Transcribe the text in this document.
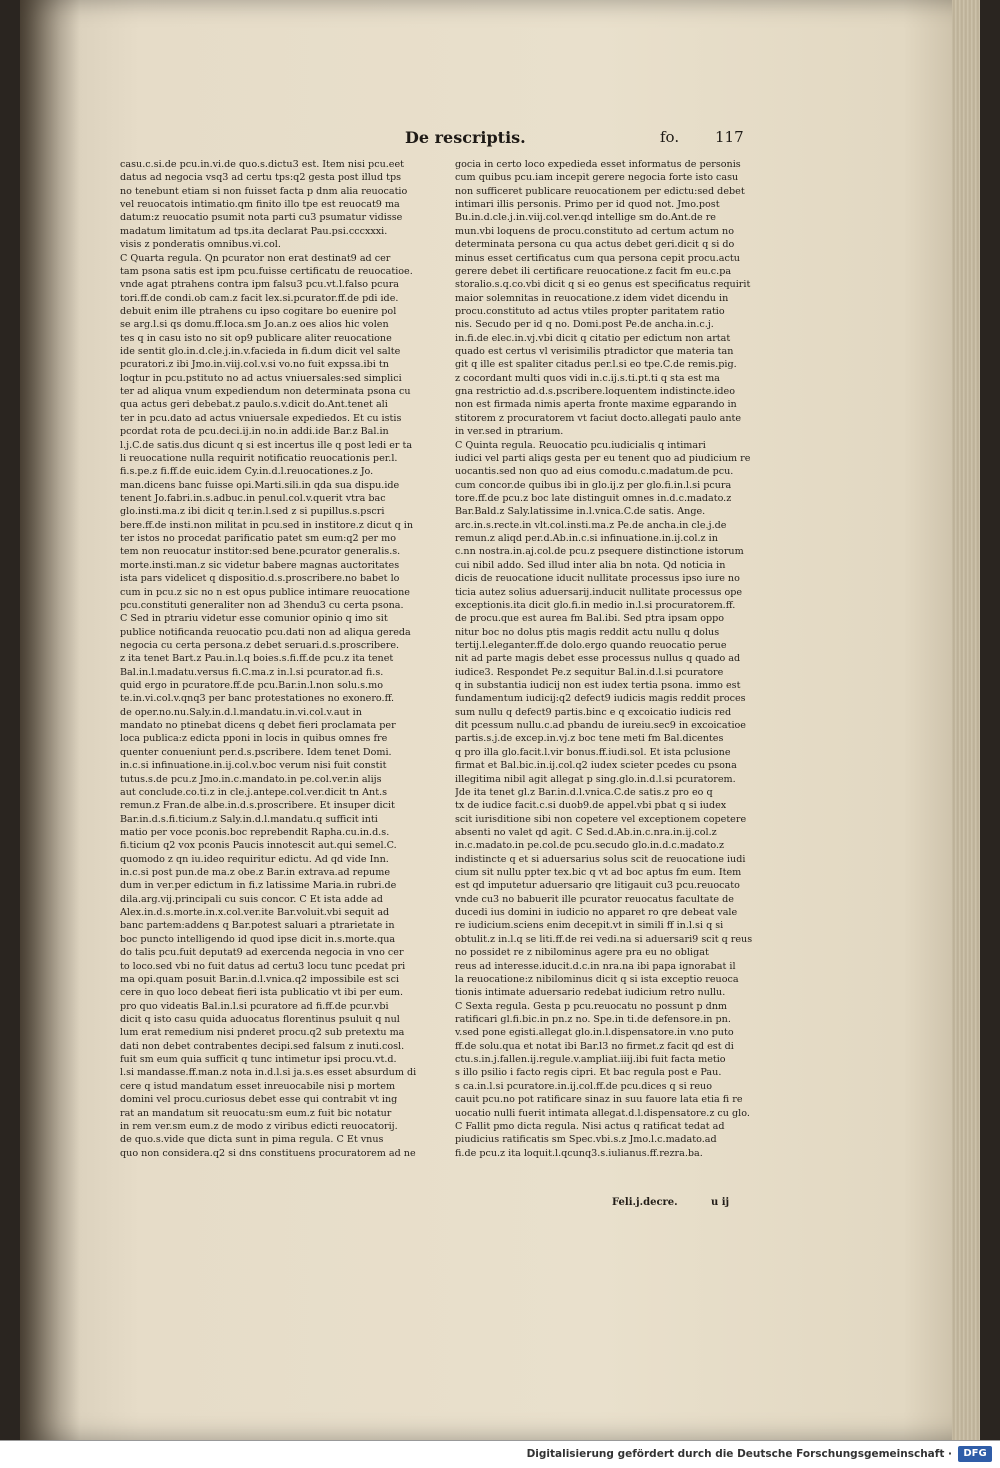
De rescriptis.	fo. 117
casu.c.si.de pcu.in.vi.de quo.s.dictu3 est. Item nisi pcu.eet
datus ad negocia vsq3 ad certu tps:q2 gesta post illud tps
no tenebunt etiam si non fuisset facta p dnm alia reuocatio
vel reuocatois intimatio.qm finito illo tpe est reuocat9 ma
datum:z reuocatio psumit nota parti cu3 psumatur vidisse
madatum limitatum ad tps.ita declarat Pau.psi.cccxxxi.
visis z ponderatis omnibus.vi.col.
C Quarta regula. Qn pcurator non erat destinat9 ad cer
tam psona satis est ipm pcu.fuisse certificatu de reuocatioe.
vnde agat ptrahens contra ipm falsu3 pcu.vt.l.falso pcura
tori.ff.de condi.ob cam.z facit lex.si.pcurator.ff.de pdi ide.
debuit enim ille ptrahens cu ipso cogitare bo euenire pol
se arg.l.si qs domu.ff.loca.sm Jo.an.z oes alios hic volen
tes q in casu isto no sit op9 publicare aliter reuocatione
ide sentit glo.in.d.cle.j.in.v.facieda in fi.dum dicit vel salte
pcuratori.z ibi Jmo.in.viij.col.v.si vo.no fuit expssa.ibi tn
loqtur in pcu.pstituto no ad actus vniuersales:sed simplici
ter ad aliqua vnum expediendum non determinata psona cu
qua actus geri debebat.z paulo.s.v.dicit do.Ant.tenet ali
ter in pcu.dato ad actus vniuersale expediedos. Et cu istis
pcordat rota de pcu.deci.ij.in no.in addi.ide Bar.z Bal.in
l.j.C.de satis.dus dicunt q si est incertus ille q post ledi er ta
li reuocatione nulla requirit notificatio reuocationis per.l.
fi.s.pe.z fi.ff.de euic.idem Cy.in.d.l.reuocationes.z Jo.
man.dicens banc fuisse opi.Marti.sili.in qda sua dispu.ide
tenent Jo.fabri.in.s.adbuc.in penul.col.v.querit vtra bac
glo.insti.ma.z ibi dicit q ter.in.l.sed z si pupillus.s.pscri
bere.ff.de insti.non militat in pcu.sed in institore.z dicut q in
ter istos no procedat parificatio patet sm eum:q2 per mo
tem non reuocatur institor:sed bene.pcurator generalis.s.
morte.insti.man.z sic videtur babere magnas auctoritates
ista pars videlicet q dispositio.d.s.proscribere.no babet lo
cum in pcu.z sic no n est opus publice intimare reuocatione
pcu.constituti generaliter non ad 3hendu3 cu certa psona.
C Sed in ptrariu videtur esse comunior opinio q imo sit
publice notificanda reuocatio pcu.dati non ad aliqua gereda
negocia cu certa persona.z debet seruari.d.s.proscribere.
z ita tenet Bart.z Pau.in.l.q boies.s.fi.ff.de pcu.z ita tenet
Bal.in.l.madatu.versus fi.C.ma.z in.l.si pcurator.ad fi.s.
quid ergo in pcuratore.ff.de pcu.Bar.in.l.non solu.s.mo
te.in.vi.col.v.qnq3 per banc protestationes no exonero.ff.
de oper.no.nu.Saly.in.d.l.mandatu.in.vi.col.v.aut in
mandato no ptinebat dicens q debet fieri proclamata per
loca publica:z edicta pponi in locis in quibus omnes fre
quenter conueniunt per.d.s.pscribere. Idem tenet Domi.
in.c.si infinuatione.in.ij.col.v.boc verum nisi fuit constit
tutus.s.de pcu.z Jmo.in.c.mandato.in pe.col.ver.in alijs
aut conclude.co.ti.z in cle.j.antepe.col.ver.dicit tn Ant.s
remun.z Fran.de albe.in.d.s.proscribere. Et insuper dicit
Bar.in.d.s.fi.ticium.z Saly.in.d.l.mandatu.q sufficit inti
matio per voce pconis.boc reprebendit Rapha.cu.in.d.s.
fi.ticium q2 vox pconis Paucis innotescit aut.qui semel.C.
quomodo z qn iu.ideo requiritur edictu. Ad qd vide Inn.
in.c.si post pun.de ma.z obe.z Bar.in extrava.ad repume
dum in ver.per edictum in fi.z latissime Maria.in rubri.de
dila.arg.vij.principali cu suis concor. C Et ista adde ad
Alex.in.d.s.morte.in.x.col.ver.ite Bar.voluit.vbi sequit ad
banc partem:addens q Bar.potest saluari a ptrarietate in
boc puncto intelligendo id quod ipse dicit in.s.morte.qua
do talis pcu.fuit deputat9 ad exercenda negocia in vno cer
to loco.sed vbi no fuit datus ad certu3 locu tunc pcedat pri
ma opi.quam posuit Bar.in.d.l.vnica.q2 impossibile est sci
cere in quo loco debeat fieri ista publicatio vt ibi per eum.
pro quo videatis Bal.in.l.si pcuratore ad fi.ff.de pcur.vbi
dicit q isto casu quida aduocatus florentinus psuluit q nul
lum erat remedium nisi pnderet procu.q2 sub pretextu ma
dati non debet contrabentes decipi.sed falsum z inuti.cosl.
fuit sm eum quia sufficit q tunc intimetur ipsi procu.vt.d.
l.si mandasse.ff.man.z nota in.d.l.si ja.s.es esset absurdum di
cere q istud mandatum esset inreuocabile nisi p mortem
domini vel procu.curiosus debet esse qui contrabit vt ing
rat an mandatum sit reuocatu:sm eum.z fuit bic notatur
in rem ver.sm eum.z de modo z viribus edicti reuocatorij.
de quo.s.vide que dicta sunt in pima regula. C Et vnus
quo non considera.q2 si dns constituens procuratorem ad ne
gocia in certo loco expedieda esset informatus de personis
cum quibus pcu.iam incepit gerere negocia forte isto casu
non sufficeret publicare reuocationem per edictu:sed debet
intimari illis personis. Primo per id quod not. Jmo.post
Bu.in.d.cle.j.in.viij.col.ver.qd intellige sm do.Ant.de re
mun.vbi loquens de procu.constituto ad certum actum no
determinata persona cu qua actus debet geri.dicit q si do
minus esset certificatus cum qua persona cepit procu.actu
gerere debet ili certificare reuocatione.z facit fm eu.c.pa
storalio.s.q.co.vbi dicit q si eo genus est specificatus requirit
maior solemnitas in reuocatione.z idem videt dicendu in
procu.constituto ad actus vtiles propter paritatem ratio
nis. Secudo per id q no. Domi.post Pe.de ancha.in.c.j.
in.fi.de elec.in.vj.vbi dicit q citatio per edictum non artat
quado est certus vl verisimilis ptradictor que materia tan
git q ille est spaliter citadus per.l.si eo tpe.C.de remis.pig.
z cocordant multi quos vidi in.c.ij.s.ti.pt.ti q sta est ma
gna restrictio ad.d.s.pscribere.loquentem indistincte.ideo
non est firmada nimis aperta fronte maxime egparando in
stitorem z procuratorem vt faciut docto.allegati paulo ante
in ver.sed in ptrarium.
C Quinta regula. Reuocatio pcu.iudicialis q intimari
iudici vel parti aliqs gesta per eu tenent quo ad piudicium re
uocantis.sed non quo ad eius comodu.c.madatum.de pcu.
cum concor.de quibus ibi in glo.ij.z per glo.fi.in.l.si pcura
tore.ff.de pcu.z boc late distinguit omnes in.d.c.madato.z
Bar.Bald.z Saly.latissime in.l.vnica.C.de satis. Ange.
arc.in.s.recte.in vlt.col.insti.ma.z Pe.de ancha.in cle.j.de
remun.z aliqd per.d.Ab.in.c.si infinuatione.in.ij.col.z in
c.nn nostra.in.aj.col.de pcu.z psequere distinctione istorum
cui nibil addo. Sed illud inter alia bn nota. Qd noticia in
dicis de reuocatione iducit nullitate processus ipso iure no
ticia autez solius aduersarij.inducit nullitate processus ope
exceptionis.ita dicit glo.fi.in medio in.l.si procuratorem.ff.
de procu.que est aurea fm Bal.ibi. Sed ptra ipsam oppo
nitur boc no dolus ptis magis reddit actu nullu q dolus
tertij.l.eleganter.ff.de dolo.ergo quando reuocatio perue
nit ad parte magis debet esse processus nullus q quado ad
iudice3. Respondet Pe.z sequitur Bal.in.d.l.si pcuratore
q in substantia iudicij non est iudex tertia psona. immo est
fundamentum iudicij:q2 defect9 iudicis magis reddit proces
sum nullu q defect9 partis.binc e q excoicatio iudicis red
dit pcessum nullu.c.ad pbandu de iureiu.sec9 in excoicatioe
partis.s.j.de excep.in.vj.z boc tene meti fm Bal.dicentes
q pro illa glo.facit.l.vir bonus.ff.iudi.sol. Et ista pclusione
firmat et Bal.bic.in.ij.col.q2 iudex scieter pcedes cu psona
illegitima nibil agit allegat p sing.glo.in.d.l.si pcuratorem.
Jde ita tenet gl.z Bar.in.d.l.vnica.C.de satis.z pro eo q
tx de iudice facit.c.si duob9.de appel.vbi pbat q si iudex
scit iurisditione sibi non copetere vel exceptionem copetere
absenti no valet qd agit. C Sed.d.Ab.in.c.nra.in.ij.col.z
in.c.madato.in pe.col.de pcu.secudo glo.in.d.c.madato.z
indistincte q et si aduersarius solus scit de reuocatione iudi
cium sit nullu ppter tex.bic q vt ad boc aptus fm eum. Item
est qd imputetur aduersario qre litigauit cu3 pcu.reuocato
vnde cu3 no babuerit ille pcurator reuocatus facultate de
ducedi ius domini in iudicio no apparet ro qre debeat vale
re iudicium.sciens enim decepit.vt in simili ff in.l.si q si
obtulit.z in.l.q se liti.ff.de rei vedi.na si aduersari9 scit q reus
no possidet re z nibilominus agere pra eu no obligat
reus ad interesse.iducit.d.c.in nra.na ibi papa ignorabat il
la reuocatione:z nibilominus dicit q si ista exceptio reuoca
tionis intimate aduersario redebat iudicium retro nullu.
C Sexta regula. Gesta p pcu.reuocatu no possunt p dnm
ratificari gl.fi.bic.in pn.z no. Spe.in ti.de defensore.in pn.
v.sed pone egisti.allegat glo.in.l.dispensatore.in v.no puto
ff.de solu.qua et notat ibi Bar.l3 no firmet.z facit qd est di
ctu.s.in.j.fallen.ij.regule.v.ampliat.iiij.ibi fuit facta metio
s illo psilio i facto regis cipri. Et bac regula post e Pau.
s ca.in.l.si pcuratore.in.ij.col.ff.de pcu.dices q si reuo
cauit pcu.no pot ratificare sinaz in suu fauore lata etia fi re
uocatio nulli fuerit intimata allegat.d.l.dispensatore.z cu glo.
C Fallit pmo dicta regula. Nisi actus q ratificat tedat ad
piudicius ratificatis sm Spec.vbi.s.z Jmo.l.c.madato.ad
fi.de pcu.z ita loquit.l.qcunq3.s.iulianus.ff.rezra.ba.
Feli.j.decre.	u ij
Digitalisierung gefördert durch die Deutsche Forschungsgemeinschaft ·	DFG
